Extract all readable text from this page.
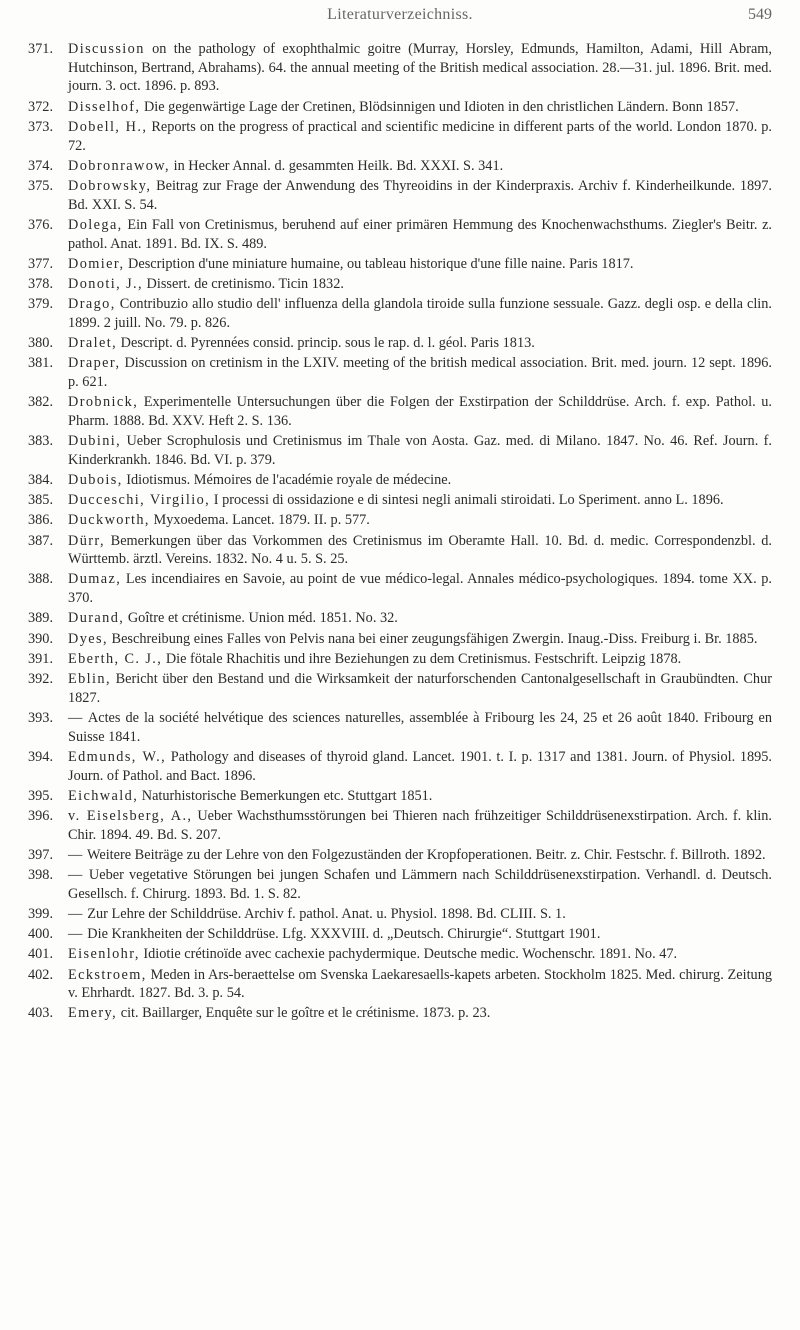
Literaturverzeichniss.	549
371.	Discussion on the pathology of exophthalmic goitre (Murray, Horsley, Edmunds, Hamilton, Adami, Hill Abram, Hutchinson, Bertrand, Abrahams). 64. the annual meeting of the British medical association. 28.—31. jul. 1896. Brit. med. journ. 3. oct. 1896. p. 893.
372.	Disselhof, Die gegenwärtige Lage der Cretinen, Blödsinnigen und Idioten in den christlichen Ländern. Bonn 1857.
373.	Dobell, H., Reports on the progress of practical and scientific medicine in different parts of the world. London 1870. p. 72.
374.	Dobronrawow, in Hecker Annal. d. gesammten Heilk. Bd. XXXI. S. 341.
375.	Dobrowsky, Beitrag zur Frage der Anwendung des Thyreoidins in der Kinderpraxis. Archiv f. Kinderheilkunde. 1897. Bd. XXI. S. 54.
376.	Dolega, Ein Fall von Cretinismus, beruhend auf einer primären Hemmung des Knochenwachsthums. Ziegler's Beitr. z. pathol. Anat. 1891. Bd. IX. S. 489.
377.	Domier, Description d'une miniature humaine, ou tableau historique d'une fille naine. Paris 1817.
378.	Donoti, J., Dissert. de cretinismo. Ticin 1832.
379.	Drago, Contribuzio allo studio dell' influenza della glandola tiroide sulla funzione sessuale. Gazz. degli osp. e della clin. 1899. 2 juill. No. 79. p. 826.
380.	Dralet, Descript. d. Pyrennées consid. princip. sous le rap. d. l. géol. Paris 1813.
381.	Draper, Discussion on cretinism in the LXIV. meeting of the british medical association. Brit. med. journ. 12 sept. 1896. p. 621.
382.	Drobnick, Experimentelle Untersuchungen über die Folgen der Exstirpation der Schilddrüse. Arch. f. exp. Pathol. u. Pharm. 1888. Bd. XXV. Heft 2. S. 136.
383.	Dubini, Ueber Scrophulosis und Cretinismus im Thale von Aosta. Gaz. med. di Milano. 1847. No. 46. Ref. Journ. f. Kinderkrankh. 1846. Bd. VI. p. 379.
384.	Dubois, Idiotismus. Mémoires de l'académie royale de médecine.
385.	Ducceschi, Virgilio, I processi di ossidazione e di sintesi negli animali stiroidati. Lo Speriment. anno L. 1896.
386.	Duckworth, Myxoedema. Lancet. 1879. II. p. 577.
387.	Dürr, Bemerkungen über das Vorkommen des Cretinismus im Oberamte Hall. 10. Bd. d. medic. Correspondenzbl. d. Württemb. ärztl. Vereins. 1832. No. 4 u. 5. S. 25.
388.	Dumaz, Les incendiaires en Savoie, au point de vue médico-legal. Annales médico-psychologiques. 1894. tome XX. p. 370.
389.	Durand, Goître et crétinisme. Union méd. 1851. No. 32.
390.	Dyes, Beschreibung eines Falles von Pelvis nana bei einer zeugungsfähigen Zwergin. Inaug.-Diss. Freiburg i. Br. 1885.
391.	Eberth, C. J., Die fötale Rhachitis und ihre Beziehungen zu dem Cretinismus. Festschrift. Leipzig 1878.
392.	Eblin, Bericht über den Bestand und die Wirksamkeit der naturforschenden Cantonalgesellschaft in Graubündten. Chur 1827.
393.	— Actes de la société helvétique des sciences naturelles, assemblée à Fribourg les 24, 25 et 26 août 1840. Fribourg en Suisse 1841.
394.	Edmunds, W., Pathology and diseases of thyroid gland. Lancet. 1901. t. I. p. 1317 and 1381. Journ. of Physiol. 1895. Journ. of Pathol. and Bact. 1896.
395.	Eichwald, Naturhistorische Bemerkungen etc. Stuttgart 1851.
396.	v. Eiselsberg, A., Ueber Wachsthumsstörungen bei Thieren nach frühzeitiger Schilddrüsenexstirpation. Arch. f. klin. Chir. 1894. 49. Bd. S. 207.
397.	— Weitere Beiträge zu der Lehre von den Folgezuständen der Kropfoperationen. Beitr. z. Chir. Festschr. f. Billroth. 1892.
398.	— Ueber vegetative Störungen bei jungen Schafen und Lämmern nach Schilddrüsenexstirpation. Verhandl. d. Deutsch. Gesellsch. f. Chirurg. 1893. Bd. 1. S. 82.
399.	— Zur Lehre der Schilddrüse. Archiv f. pathol. Anat. u. Physiol. 1898. Bd. CLIII. S. 1.
400.	— Die Krankheiten der Schilddrüse. Lfg. XXXVIII. d. „Deutsch. Chirurgie“. Stuttgart 1901.
401.	Eisenlohr, Idiotie crétinoïde avec cachexie pachydermique. Deutsche medic. Wochenschr. 1891. No. 47.
402.	Eckstroem, Meden in Ars-beraettelse om Svenska Laekaresaells-kapets arbeten. Stockholm 1825. Med. chirurg. Zeitung v. Ehrhardt. 1827. Bd. 3. p. 54.
403.	Emery, cit. Baillarger, Enquête sur le goître et le crétinisme. 1873. p. 23.
